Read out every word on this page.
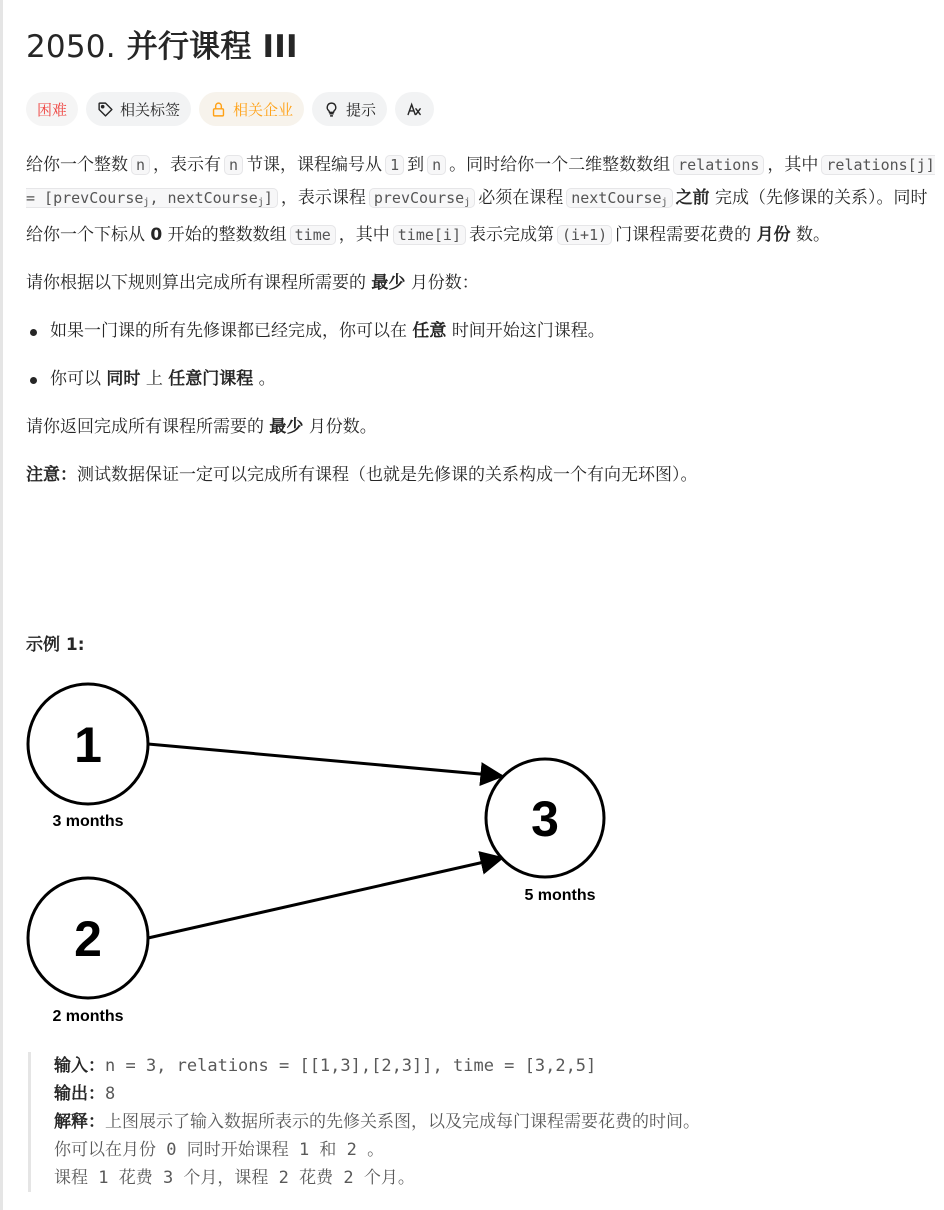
2050. 并行课程 III
困难	相关标签	相关企业	提示

给你一个整数 n ，表示有 n 节课，课程编号从 1 到 n 。同时给你一个二维整数数组 relations ，其中 relations[j] = [prevCourse$_j$, nextCourse$_j$] ，表示课程 prevCourse$_j$ 必须在课程 nextCourse$_j$ 之前 完成（先修课的关系）。同时给你一个下标从 0 开始的整数数组 time ，其中 time[i] 表示完成第 (i+1) 门课程需要花费的 月份 数。

请你根据以下规则算出完成所有课程所需要的 最少 月份数：

如果一门课的所有先修课都已经完成，你可以在 任意 时间开始这门课程。
你可以 同时 上 任意门课程 。

请你返回完成所有课程所需要的 最少 月份数。

注意：测试数据保证一定可以完成所有课程（也就是先修课的关系构成一个有向无环图）。

示例 1:
1
3 months
2
2 months
3
5 months
输入：n = 3, relations = [[1,3],[2,3]], time = [3,2,5]
输出：8
解释：上图展示了输入数据所表示的先修关系图，以及完成每门课程需要花费的时间。
你可以在月份 0 同时开始课程 1 和 2 。
课程 1 花费 3 个月，课程 2 花费 2 个月。
